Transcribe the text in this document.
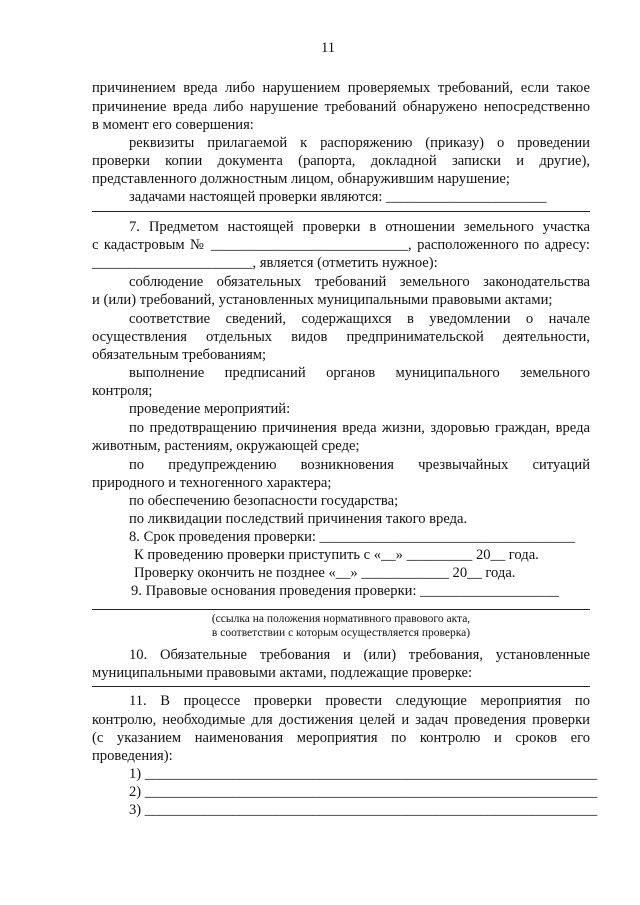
11
причинением вреда либо нарушением проверяемых требований, если такое
причинение вреда либо нарушение требований обнаружено непосредственно
в момент его совершения:
реквизиты прилагаемой к распоряжению (приказу) о проведении
проверки копии документа (рапорта, докладной записки и другие),
представленного должностным лицом, обнаружившим нарушение;
задачами настоящей проверки являются: ______________________
7. Предметом настоящей проверки в отношении земельного участка
с кадастровым № ___________________________, расположенного по адресу:
______________________, является (отметить нужное):
соблюдение обязательных требований земельного законодательства
и (или) требований, установленных муниципальными правовыми актами;
соответствие сведений, содержащихся в уведомлении о начале
осуществления отдельных видов предпринимательской деятельности,
обязательным требованиям;
выполнение предписаний органов муниципального земельного
контроля;
проведение мероприятий:
по предотвращению причинения вреда жизни, здоровью граждан, вреда
животным, растениям, окружающей среде;
по предупреждению возникновения чрезвычайных ситуаций
природного и техногенного характера;
по обеспечению безопасности государства;
по ликвидации последствий причинения такого вреда.
8. Срок проведения проверки: ___________________________________
К проведению проверки приступить с «__» _________ 20__ года.
Проверку окончить не позднее «__» ____________ 20__ года.
9. Правовые основания проведения проверки: ___________________
(ссылка на положения нормативного правового акта,
в соответствии с которым осуществляется проверка)
10. Обязательные требования и (или) требования, установленные
муниципальными правовыми актами, подлежащие проверке:
11. В процессе проверки провести следующие мероприятия по
контролю, необходимые для достижения целей и задач проведения проверки
(с указанием наименования мероприятия по контролю и сроков его
проведения):
1) ______________________________________________________________
2) ______________________________________________________________
3) ______________________________________________________________
